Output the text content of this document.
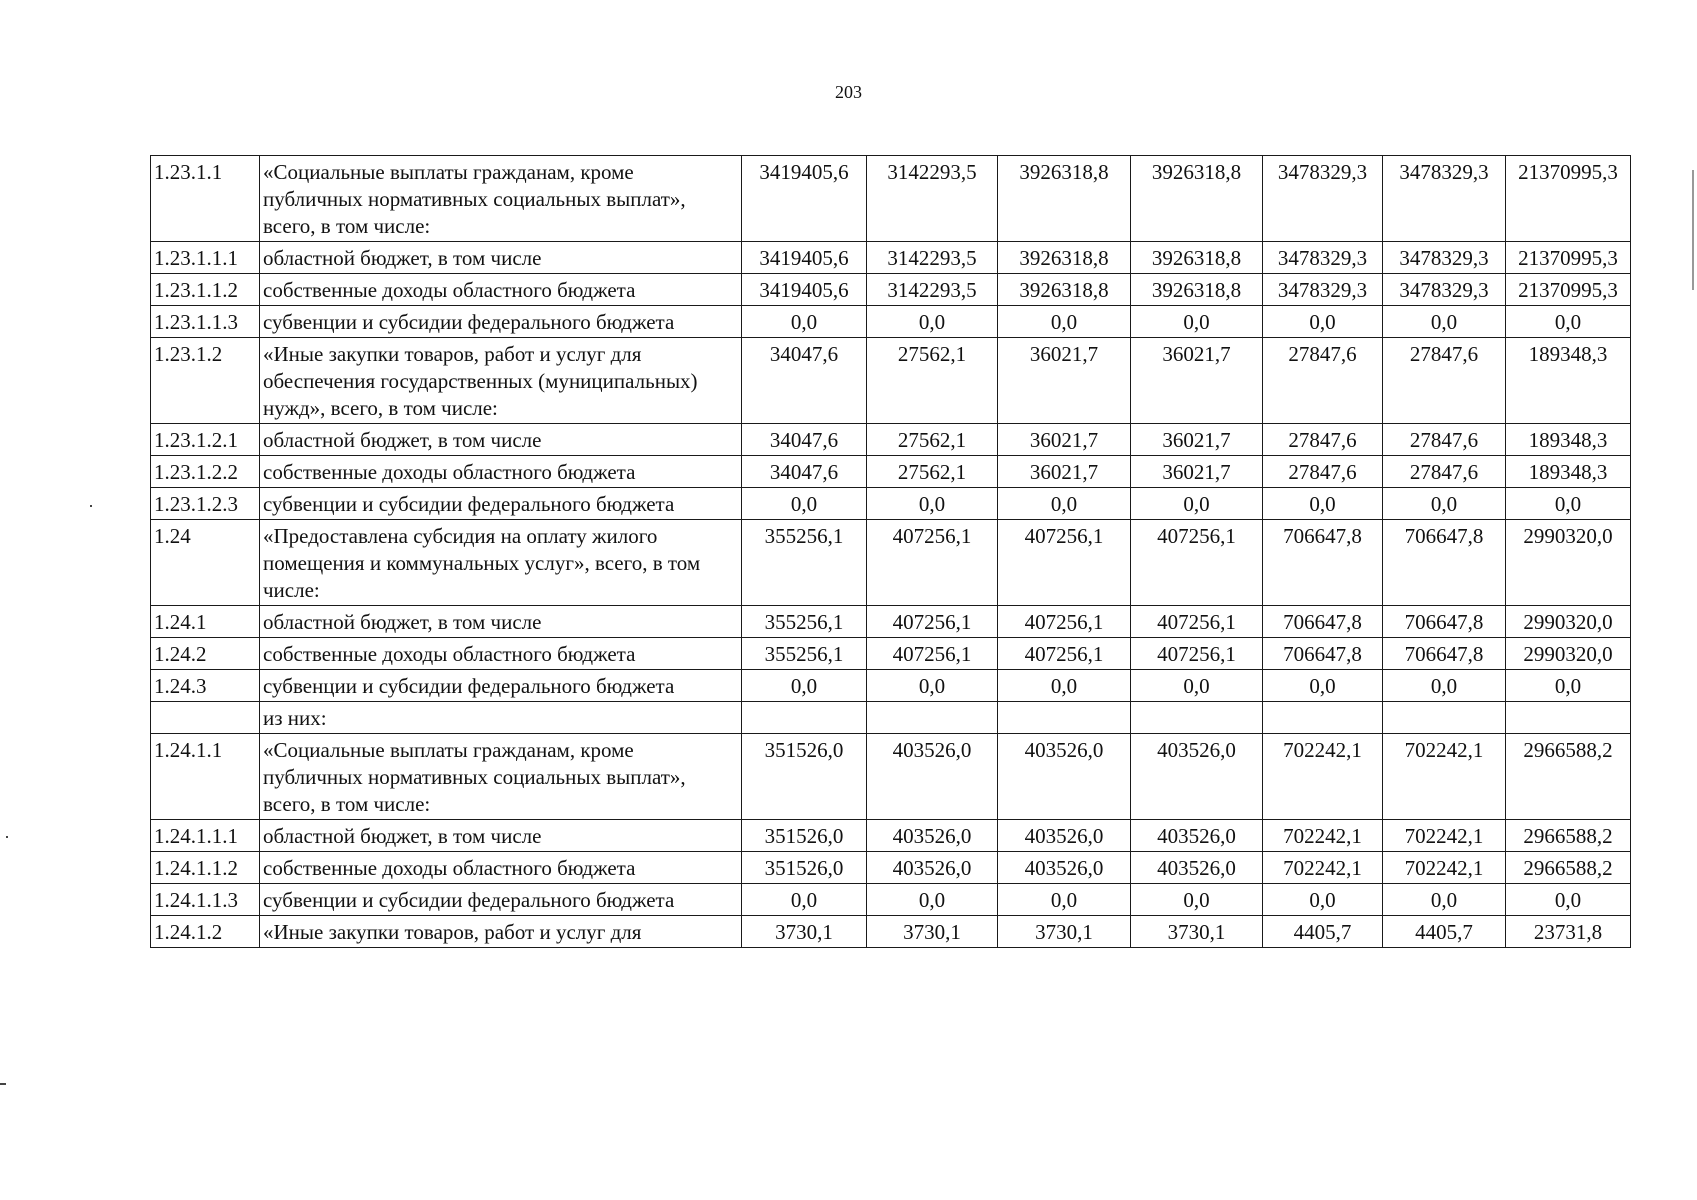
203
1.23.1.1	«Социальные выплаты гражданам, кроме публичных нормативных социальных выплат», всего, в том числе:	3419405,6	3142293,5	3926318,8	3926318,8	3478329,3	3478329,3	21370995,3
1.23.1.1.1	областной бюджет, в том числе	3419405,6	3142293,5	3926318,8	3926318,8	3478329,3	3478329,3	21370995,3
1.23.1.1.2	собственные доходы областного бюджета	3419405,6	3142293,5	3926318,8	3926318,8	3478329,3	3478329,3	21370995,3
1.23.1.1.3	субвенции и субсидии федерального бюджета	0,0	0,0	0,0	0,0	0,0	0,0	0,0
1.23.1.2	«Иные закупки товаров, работ и услуг для обеспечения государственных (муниципальных) нужд», всего, в том числе:	34047,6	27562,1	36021,7	36021,7	27847,6	27847,6	189348,3
1.23.1.2.1	областной бюджет, в том числе	34047,6	27562,1	36021,7	36021,7	27847,6	27847,6	189348,3
1.23.1.2.2	собственные доходы областного бюджета	34047,6	27562,1	36021,7	36021,7	27847,6	27847,6	189348,3
1.23.1.2.3	субвенции и субсидии федерального бюджета	0,0	0,0	0,0	0,0	0,0	0,0	0,0
1.24	«Предоставлена субсидия на оплату жилого помещения и коммунальных услуг», всего, в том числе:	355256,1	407256,1	407256,1	407256,1	706647,8	706647,8	2990320,0
1.24.1	областной бюджет, в том числе	355256,1	407256,1	407256,1	407256,1	706647,8	706647,8	2990320,0
1.24.2	собственные доходы областного бюджета	355256,1	407256,1	407256,1	407256,1	706647,8	706647,8	2990320,0
1.24.3	субвенции и субсидии федерального бюджета	0,0	0,0	0,0	0,0	0,0	0,0	0,0
	из них:							
1.24.1.1	«Социальные выплаты гражданам, кроме публичных нормативных социальных выплат», всего, в том числе:	351526,0	403526,0	403526,0	403526,0	702242,1	702242,1	2966588,2
1.24.1.1.1	областной бюджет, в том числе	351526,0	403526,0	403526,0	403526,0	702242,1	702242,1	2966588,2
1.24.1.1.2	собственные доходы областного бюджета	351526,0	403526,0	403526,0	403526,0	702242,1	702242,1	2966588,2
1.24.1.1.3	субвенции и субсидии федерального бюджета	0,0	0,0	0,0	0,0	0,0	0,0	0,0
1.24.1.2	«Иные закупки товаров, работ и услуг для	3730,1	3730,1	3730,1	3730,1	4405,7	4405,7	23731,8
